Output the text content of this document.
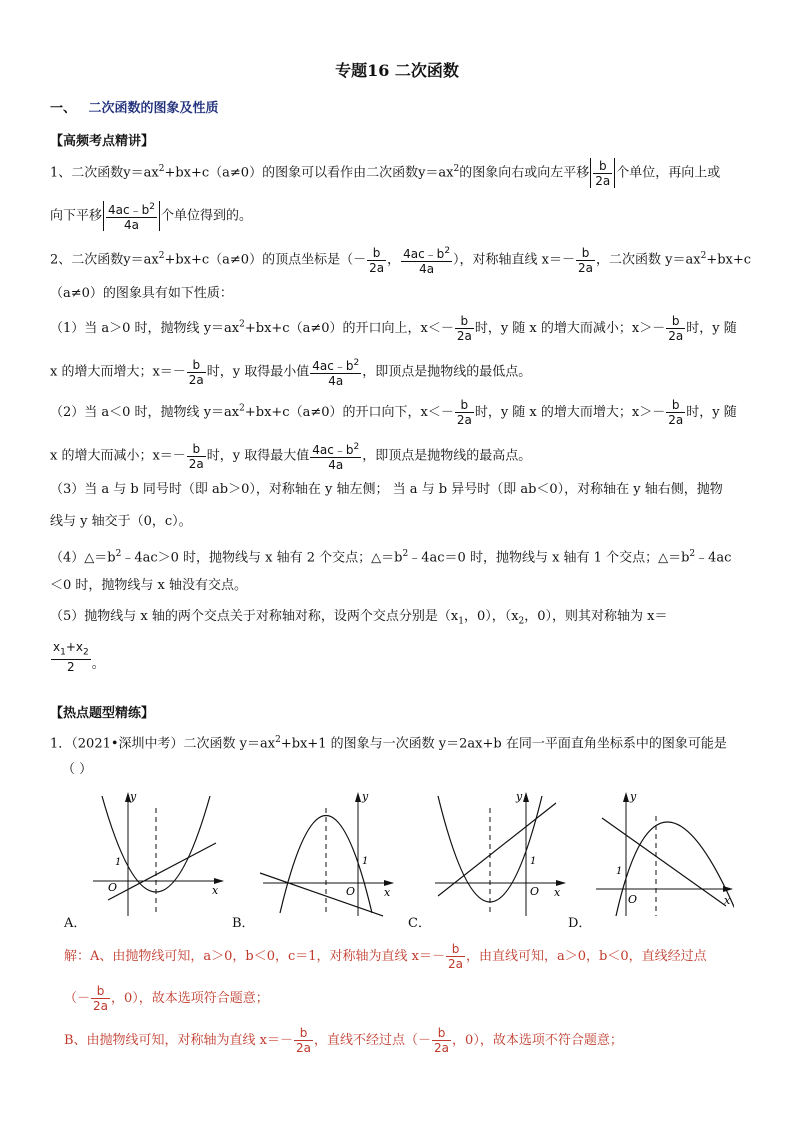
专题16 二次函数
一、 二次函数的图象及性质
【高频考点精讲】
1、二次函数$y=ax^2+bx+c(a\ne 0)$的图象可以看作由二次函数$y=ax^2$的图象向右或向左平移 $\frac{b}{2a}$ 个单位，再向上或
向下平移 $\frac{4ac﹣b^2}{4a}$ 个单位得到的。
2、二次函数$y=ax^2+bx+c(a\ne 0)$的顶点坐标是（－ $\frac{b}{2a}$ ， $\frac{4ac﹣b^2}{4a}$ ），对称轴直线 $x=- \frac{b}{2a}$ ，二次函数 $y=ax^2+bx+c$
（a≠0）的图象具有如下性质：
（1）当 a＞0 时，抛物线 $y=ax^2+bx+c(a\ne 0)$的开口向上，$x<- \frac{b}{2a}$ 时，y 随 x 的增大而减小；$x>- \frac{b}{2a}$ 时，y 随
x 的增大而增大；$x=- \frac{b}{2a}$ 时，y 取得最小值 $\frac{4ac﹣b^2}{4a}$ ，即顶点是抛物线的最低点。
（2）当 a＜0 时，抛物线 $y=ax^2+bx+c(a\ne 0)$的开口向下，$x<- \frac{b}{2a}$ 时，y 随 x 的增大而增大；$x>- \frac{b}{2a}$ 时，y 随
x 的增大而减小；$x=- \frac{b}{2a}$ 时，y 取得最大值 $\frac{4ac﹣b^2}{4a}$ ，即顶点是抛物线的最高点。
（3）当 a 与 b 同号时（即 ab＞0），对称轴在 y 轴左侧； 当 a 与 b 异号时（即 ab＜0），对称轴在 y 轴右侧，抛物
线与 y 轴交于（0，c）。
$(4)\triangle=b^2﹣4ac>0$ 时，抛物线与 x 轴有 2 个交点；$\triangle=b^2﹣4ac=0$ 时，抛物线与 x 轴有 1 个交点；$\triangle=b^2﹣4ac$
＜0 时，抛物线与 x 轴没有交点。
（5）抛物线与 x 轴的两个交点关于对称轴对称，设两个交点分别是（$x_1$，0），（$x_2$，0），则其对称轴为 x＝
$\frac{x_1+x_2}{2}$ 。
【热点题型精练】
1．（2021•深圳中考）二次函数 $y=ax^2+bx+1$ 的图象与一次函数 y＝2ax+b 在同一平面直角坐标系中的图象可能是
（ ）
y
x
O
1
A．
y
x
O
1
B．
y
x
O
1
C．
y
x
O
1
D．
解：A、由抛物线可知，a＞0，b＜0，c＝1，对称轴为直线 $x=- \frac{b}{2a}$ ，由直线可知，a＞0，b＜0，直线经过点
（－ $\frac{b}{2a}$ ，0），故本选项符合题意；
B、由抛物线可知，对称轴为直线 $x=- \frac{b}{2a}$ ，直线不经过点（－ $\frac{b}{2a}$ ，0），故本选项不符合题意；
